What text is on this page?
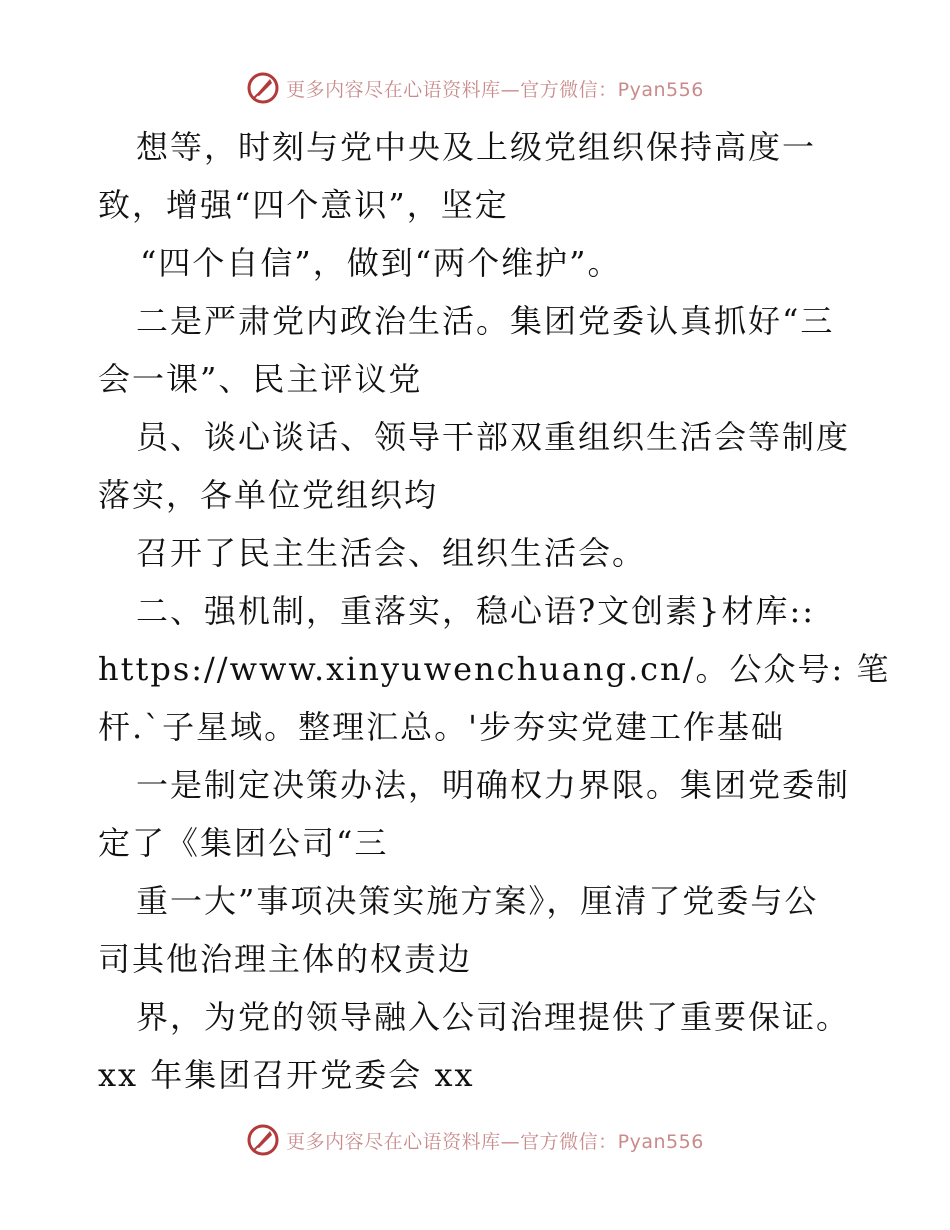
更多内容尽在心语资料库—官方微信：Pyan556
想等，时刻与党中央及上级党组织保持高度一
致，增强“四个意识”，坚定
“四个自信”，做到“两个维护”。
二是严肃党内政治生活。集团党委认真抓好“三
会一课”、民主评议党
员、谈心谈话、领导干部双重组织生活会等制度
落实，各单位党组织均
召开了民主生活会、组织生活会。
二、强机制，重落实，稳心语?文创素}材库::
https://www.xinyuwenchuang.cn/。公众号: 笔
杆.`子星域。整理汇总。'步夯实党建工作基础
一是制定决策办法，明确权力界限。集团党委制
定了《集团公司“三
重一大”事项决策实施方案》，厘清了党委与公
司其他治理主体的权责边
界，为党的领导融入公司治理提供了重要保证。
xx 年集团召开党委会 xx
更多内容尽在心语资料库—官方微信：Pyan556
